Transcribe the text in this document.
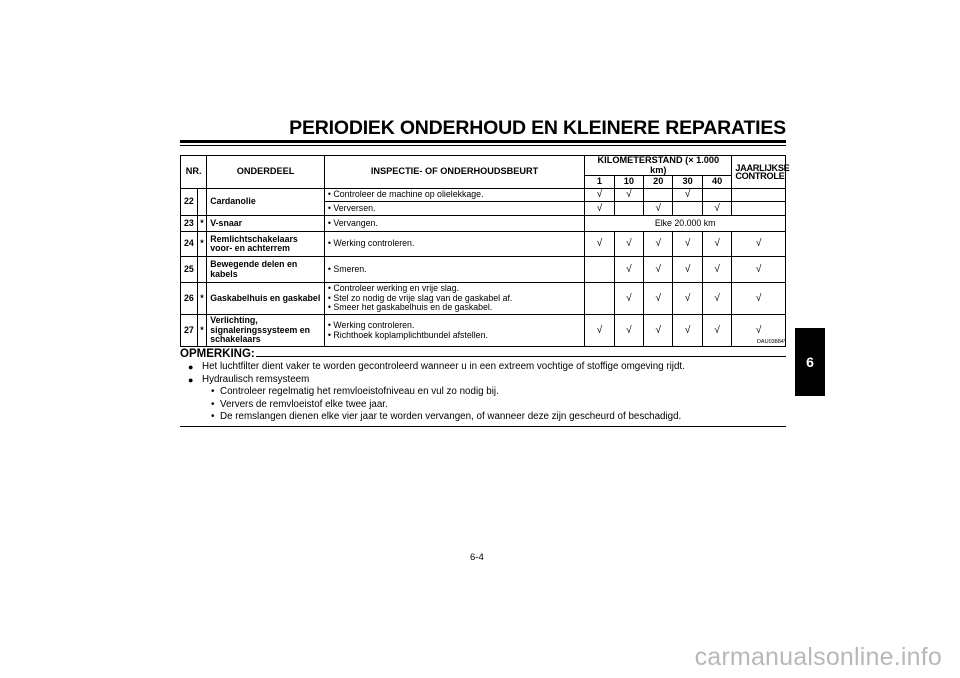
PERIODIEK ONDERHOUD EN KLEINERE REPARATIES
6
NR.		ONDERDEEL	INSPECTIE- OF ONDERHOUDSBEURT	KILOMETERSTAND (× 1.000 km)					JAARLIJKSE
CONTROLE

				1	10	20	30	40	
22		Cardanolie	• Controleer de machine op olielekkage.	√	√		√		

			• Verversen.	√		√		√	
23	*	V-snaar	• Vervangen.	Elke 20.000 km					
24	*	Remlichtschakelaars voor- en achterrem	• Werking controleren.	√	√	√	√	√	√
25		Bewegende delen en kabels	• Smeren.		√	√	√	√	√
26	*	Gaskabelhuis en gaskabel	• Controleer werking en vrije slag.
• Stel zo nodig de vrije slag van de gaskabel af.
• Smeer het gaskabelhuis en de gaskabel.		√	√	√	√	√
27	*	Verlichting, signaleringssysteem en schakelaars	• Werking controleren.
• Richthoek koplamplichtbundel afstellen.	√	√	√	√	√	√
DAU03884*
OPMERKING:
● Het luchtfilter dient vaker te worden gecontroleerd wanneer u in een extreem vochtige of stoffige omgeving rijdt.
● Hydraulisch remsysteem
• Controleer regelmatig het remvloeistofniveau en vul zo nodig bij.
• Ververs de remvloeistof elke twee jaar.
• De remslangen dienen elke vier jaar te worden vervangen, of wanneer deze zijn gescheurd of beschadigd.
6-4
carmanualsonline.info
